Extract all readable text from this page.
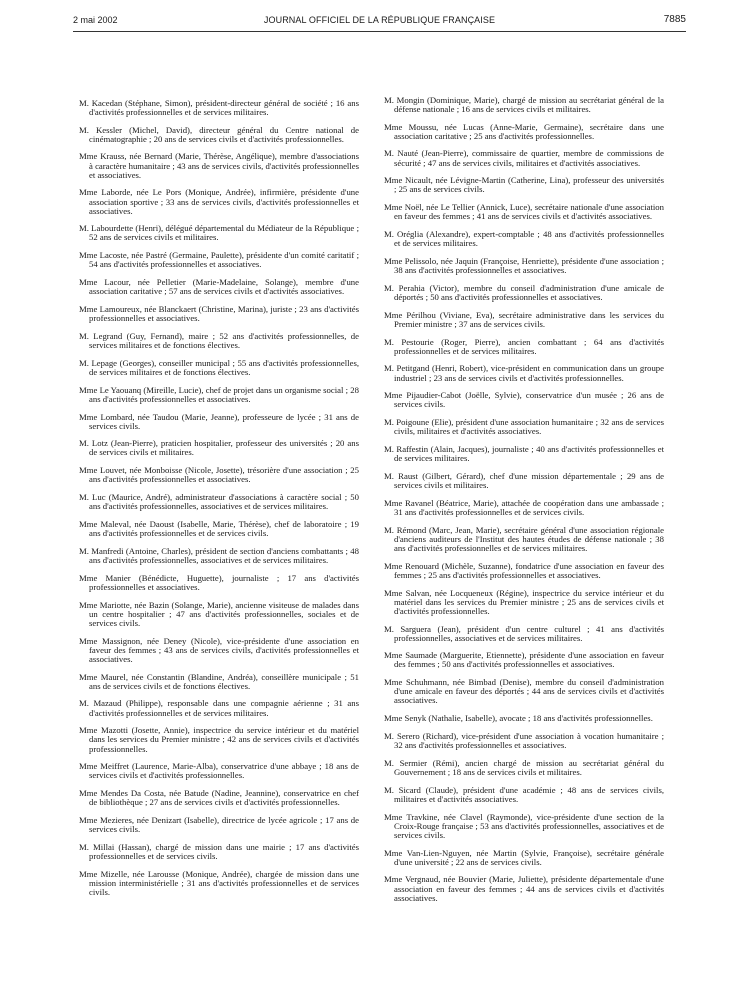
2 mai 2002	JOURNAL OFFICIEL DE LA RÉPUBLIQUE FRANÇAISE	7885

M. Kacedan (Stéphane, Simon), président-directeur général de société ; 16 ans d'activités professionnelles et de services militaires.

M. Kessler (Michel, David), directeur général du Centre national de cinématographie ; 20 ans de services civils et d'activités professionnelles.

Mme Krauss, née Bernard (Marie, Thérèse, Angélique), membre d'associations à caractère humanitaire ; 43 ans de services civils, d'activités professionnelles et associatives.

Mme Laborde, née Le Pors (Monique, Andrée), infirmière, présidente d'une association sportive ; 33 ans de services civils, d'activités professionnelles et associatives.

M. Labourdette (Henri), délégué départemental du Médiateur de la République ; 52 ans de services civils et militaires.

Mme Lacoste, née Pastré (Germaine, Paulette), présidente d'un comité caritatif ; 54 ans d'activités professionnelles et associatives.

Mme Lacour, née Pelletier (Marie-Madelaine, Solange), membre d'une association caritative ; 57 ans de services civils et d'activités associatives.

Mme Lamoureux, née Blanckaert (Christine, Marina), juriste ; 23 ans d'activités professionnelles et associatives.

M. Legrand (Guy, Fernand), maire ; 52 ans d'activités professionnelles, de services militaires et de fonctions électives.

M. Lepage (Georges), conseiller municipal ; 55 ans d'activités professionnelles, de services militaires et de fonctions électives.

Mme Le Yaouanq (Mireille, Lucie), chef de projet dans un organisme social ; 28 ans d'activités professionnelles et associatives.

Mme Lombard, née Taudou (Marie, Jeanne), professeure de lycée ; 31 ans de services civils.

M. Lotz (Jean-Pierre), praticien hospitalier, professeur des universités ; 20 ans de services civils et militaires.

Mme Louvet, née Monboisse (Nicole, Josette), trésorière d'une association ; 25 ans d'activités professionnelles et associatives.

M. Luc (Maurice, André), administrateur d'associations à caractère social ; 50 ans d'activités professionnelles, associatives et de services militaires.

Mme Maleval, née Daoust (Isabelle, Marie, Thérèse), chef de laboratoire ; 19 ans d'activités professionnelles et de services civils.

M. Manfredi (Antoine, Charles), président de section d'anciens combattants ; 48 ans d'activités professionnelles, associatives et de services militaires.

Mme Manier (Bénédicte, Huguette), journaliste ; 17 ans d'activités professionnelles et associatives.

Mme Mariotte, née Bazin (Solange, Marie), ancienne visiteuse de malades dans un centre hospitalier ; 47 ans d'activités professionnelles, sociales et de services civils.

Mme Massignon, née Deney (Nicole), vice-présidente d'une association en faveur des femmes ; 43 ans de services civils, d'activités professionnelles et associatives.

Mme Maurel, née Constantin (Blandine, Andréa), conseillère municipale ; 51 ans de services civils et de fonctions électives.

M. Mazaud (Philippe), responsable dans une compagnie aérienne ; 31 ans d'activités professionnelles et de services militaires.

Mme Mazotti (Josette, Annie), inspectrice du service intérieur et du matériel dans les services du Premier ministre ; 42 ans de services civils et d'activités professionnelles.

Mme Meiffret (Laurence, Marie-Alba), conservatrice d'une abbaye ; 18 ans de services civils et d'activités professionnelles.

Mme Mendes Da Costa, née Batude (Nadine, Jeannine), conservatrice en chef de bibliothèque ; 27 ans de services civils et d'activités professionnelles.

Mme Mezieres, née Denizart (Isabelle), directrice de lycée agricole ; 17 ans de services civils.

M. Millai (Hassan), chargé de mission dans une mairie ; 17 ans d'activités professionnelles et de services civils.

Mme Mizelle, née Larousse (Monique, Andrée), chargée de mission dans une mission interministérielle ; 31 ans d'activités professionnelles et de services civils.

M. Mongin (Dominique, Marie), chargé de mission au secrétariat général de la défense nationale ; 16 ans de services civils et militaires.

Mme Moussu, née Lucas (Anne-Marie, Germaine), secrétaire dans une association caritative ; 25 ans d'activités professionnelles.

M. Nauté (Jean-Pierre), commissaire de quartier, membre de commissions de sécurité ; 47 ans de services civils, militaires et d'activités associatives.

Mme Nicault, née Lévigne-Martin (Catherine, Lina), professeur des universités ; 25 ans de services civils.

Mme Noël, née Le Tellier (Annick, Luce), secrétaire nationale d'une association en faveur des femmes ; 41 ans de services civils et d'activités associatives.

M. Oréglia (Alexandre), expert-comptable ; 48 ans d'activités professionnelles et de services militaires.

Mme Pelissolo, née Jaquin (Françoise, Henriette), présidente d'une association ; 38 ans d'activités professionnelles et associatives.

M. Perahia (Victor), membre du conseil d'administration d'une amicale de déportés ; 50 ans d'activités professionnelles et associatives.

Mme Périlhou (Viviane, Eva), secrétaire administrative dans les services du Premier ministre ; 37 ans de services civils.

M. Pestourie (Roger, Pierre), ancien combattant ; 64 ans d'activités professionnelles et de services militaires.

M. Petitgand (Henri, Robert), vice-président en communication dans un groupe industriel ; 23 ans de services civils et d'activités professionnelles.

Mme Pijaudier-Cabot (Joëlle, Sylvie), conservatrice d'un musée ; 26 ans de services civils.

M. Poigoune (Elie), président d'une association humanitaire ; 32 ans de services civils, militaires et d'activités associatives.

M. Raffestin (Alain, Jacques), journaliste ; 40 ans d'activités professionnelles et de services militaires.

M. Raust (Gilbert, Gérard), chef d'une mission départementale ; 29 ans de services civils et militaires.

Mme Ravanel (Béatrice, Marie), attachée de coopération dans une ambassade ; 31 ans d'activités professionnelles et de services civils.

M. Rémond (Marc, Jean, Marie), secrétaire général d'une association régionale d'anciens auditeurs de l'Institut des hautes études de défense nationale ; 38 ans d'activités professionnelles et de services militaires.

Mme Renouard (Michèle, Suzanne), fondatrice d'une association en faveur des femmes ; 25 ans d'activités professionnelles et associatives.

Mme Salvan, née Locqueneux (Régine), inspectrice du service intérieur et du matériel dans les services du Premier ministre ; 25 ans de services civils et d'activités professionnelles.

M. Sarguera (Jean), président d'un centre culturel ; 41 ans d'activités professionnelles, associatives et de services militaires.

Mme Saumade (Marguerite, Etiennette), présidente d'une association en faveur des femmes ; 50 ans d'activités professionnelles et associatives.

Mme Schuhmann, née Bimbad (Denise), membre du conseil d'administration d'une amicale en faveur des déportés ; 44 ans de services civils et d'activités associatives.

Mme Senyk (Nathalie, Isabelle), avocate ; 18 ans d'activités professionnelles.

M. Serero (Richard), vice-président d'une association à vocation humanitaire ; 32 ans d'activités professionnelles et associatives.

M. Sermier (Rémi), ancien chargé de mission au secrétariat général du Gouvernement ; 18 ans de services civils et militaires.

M. Sicard (Claude), président d'une académie ; 48 ans de services civils, militaires et d'activités associatives.

Mme Travkine, née Clavel (Raymonde), vice-présidente d'une section de la Croix-Rouge française ; 53 ans d'activités professionnelles, associatives et de services civils.

Mme Van-Lien-Nguyen, née Martin (Sylvie, Françoise), secrétaire générale d'une université ; 22 ans de services civils.

Mme Vergnaud, née Bouvier (Marie, Juliette), présidente départementale d'une association en faveur des femmes ; 44 ans de services civils et d'activités associatives.
